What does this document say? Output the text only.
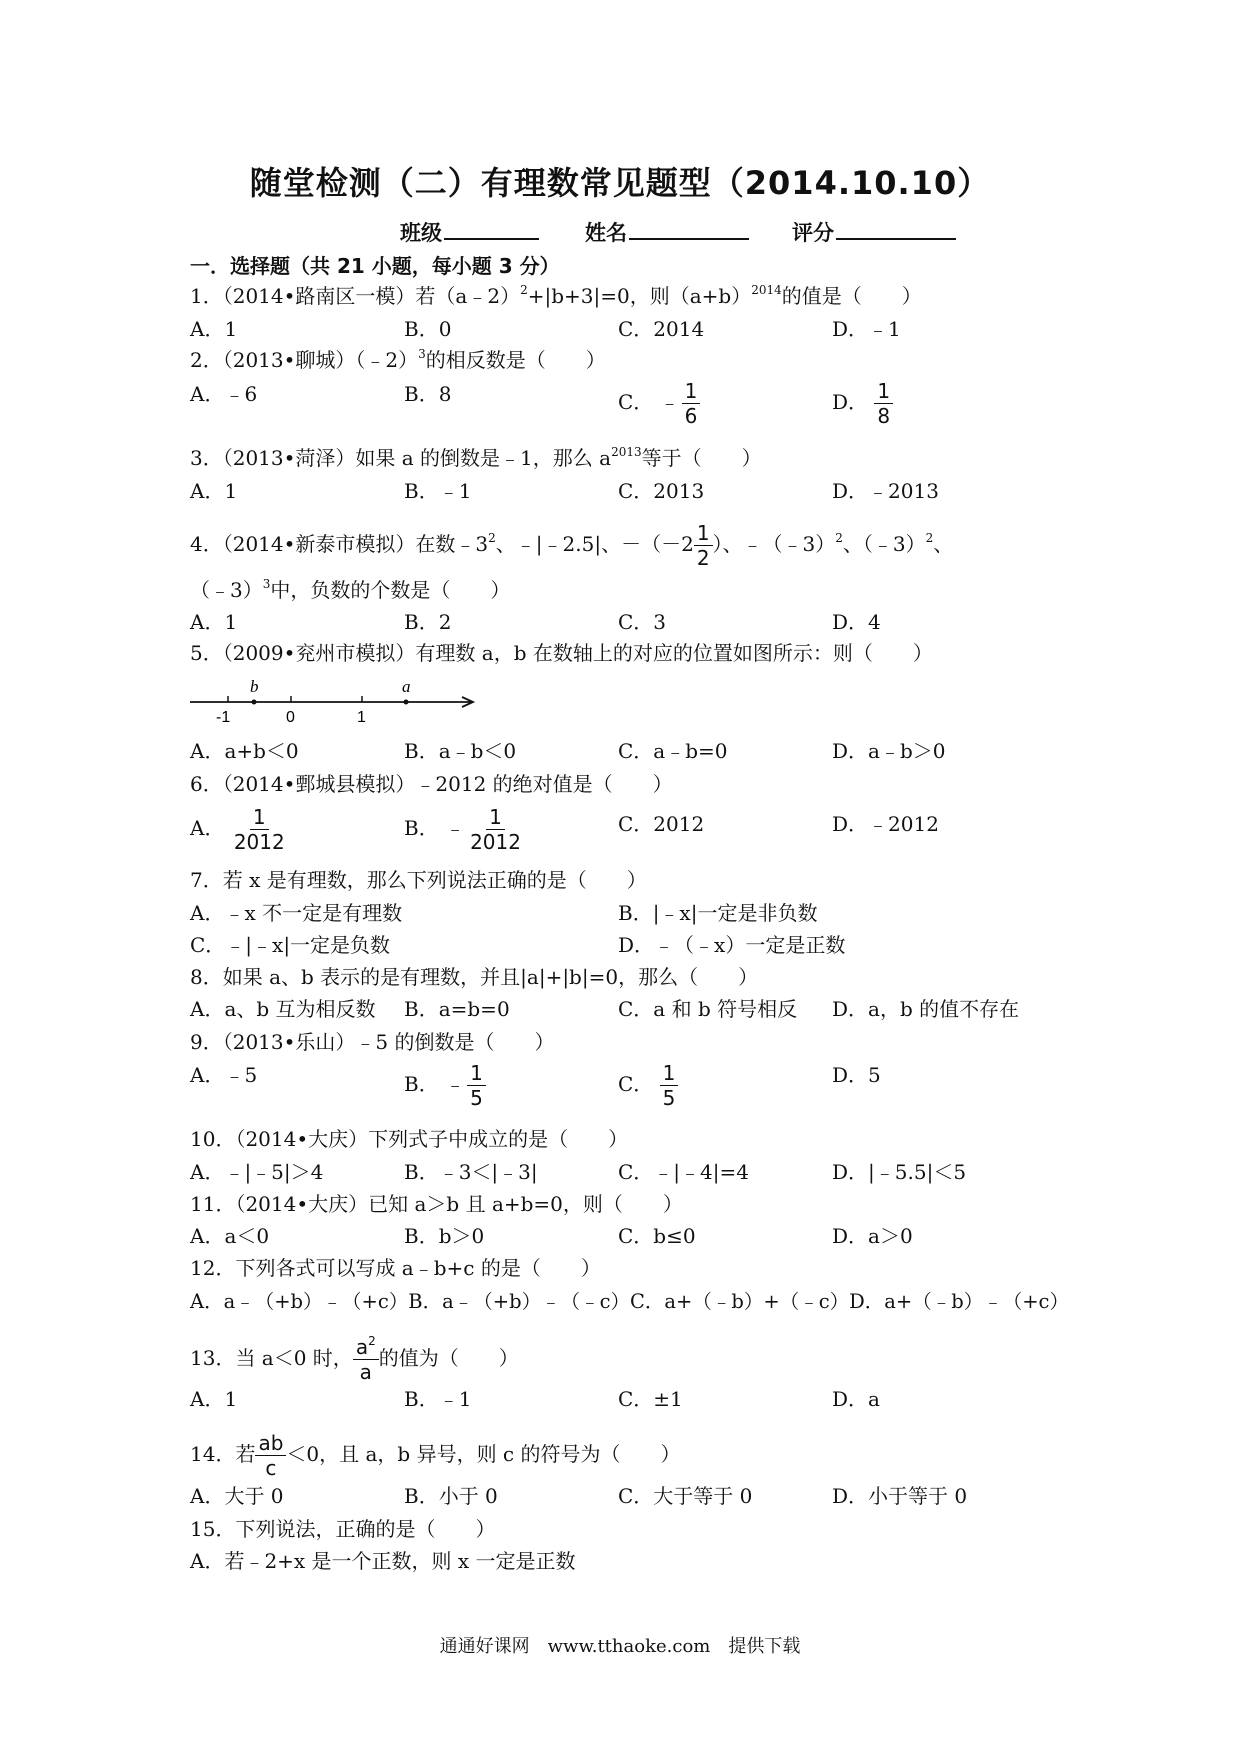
随堂检测（二）有理数常见题型（2014.10.10）
班级	姓名	评分
一．选择题（共 21 小题，每小题 3 分）
1．（2014•路南区一模）若（a﹣2）$^2$+|b+3|=0，则$(a+b)^{2014}$的值是（　　）
A．1	B．0	C．2014	D．﹣1
2．（2013•聊城）（﹣2）$^3$的相反数是（　　）
A．﹣6	B．8	C． ﹣ $\frac{1}{6}$	D． $\frac{1}{8}$
3．（2013•菏泽）如果 a 的倒数是﹣1，那么 $a^{2013}$等于（　　）
A．1	B．﹣1	C．2013	D．﹣2013
4．（2014•新泰市模拟）在数$﹣3^2$、﹣|﹣2.5|、$-(-2 \frac{1}{2}$ ）、﹣（﹣3）$^2$、（﹣3）$^2$、
（﹣3）$^3$中，负数的个数是（　　）
A．1	B．2	C．3	D．4
5．（2009•兖州市模拟）有理数 a，b 在数轴上的对应的位置如图所示：则（　　）
b	a
-1	0	1
A．a+b＜0	B．a﹣b＜0	C．a﹣b=0	D．a﹣b＞0
6．（2014•鄄城县模拟）﹣2012 的绝对值是（　　）
A． $\frac{1}{2012}$	B． ﹣ $\frac{1}{2012}$	C．2012	D．﹣2012
7．若 x 是有理数，那么下列说法正确的是（　　）
A．﹣x 不一定是有理数	B．|﹣x|一定是非负数
C．﹣|﹣x|一定是负数	D．﹣（﹣x）一定是正数
8．如果 a、b 表示的是有理数，并且|a|+|b|=0，那么（　　）
A．a、b 互为相反数 B．a=b=0	C．a 和 b 符号相反 D．a，b 的值不存在
9．（2013•乐山）﹣5 的倒数是（　　）
A．﹣5	B． ﹣ $\frac{1}{5}$	C． $\frac{1}{5}$	D．5
10．（2014•大庆）下列式子中成立的是（　　）
A．﹣|﹣5|＞4	B．﹣3＜|﹣3|	C．﹣|﹣4|=4	D．|﹣5.5|＜5
11．（2014•大庆）已知 a＞b 且 a+b=0，则（　　）
A．a＜0	B．b＞0	C．b≤0	D．a＞0
12．下列各式可以写成 a﹣b+c 的是（　　）
A．a﹣（+b）﹣（+c）B．a﹣（+b）﹣（﹣c）C．a+（﹣b）+（﹣c）D．a+（﹣b）﹣（+c）
13．当 a＜0 时， $\frac{a^2}{a}$ 的值为（　　）
A．1	B．﹣1	C．±1	D．a
14．若 $\frac{ab}{c} <0$，且 a，b 异号，则 c 的符号为（　　）
A．大于 0	B．小于 0	C．大于等于 0	D．小于等于 0
15．下列说法，正确的是（　　）
A．若﹣2+x 是一个正数，则 x 一定是正数
通通好课网　www.tthaoke.com　提供下载
